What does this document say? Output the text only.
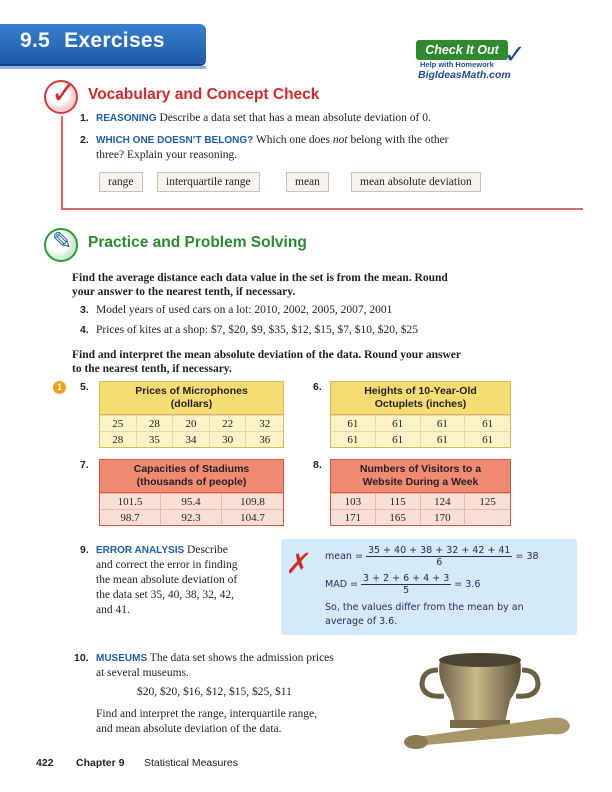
9.5 Exercises	Check It Out ✓
Help with Homework
BigIdeasMath.com
✓ Vocabulary and Concept Check
1. REASONING Describe a data set that has a mean absolute deviation of 0.
2. WHICH ONE DOESN’T BELONG? Which one does not belong with the other
three? Explain your reasoning.
range	interquartile range	mean	mean absolute deviation
✎ Practice and Problem Solving
Find the average distance each data value in the set is from the mean. Round
your answer to the nearest tenth, if necessary.
3. Model years of used cars on a lot: 2010, 2002, 2005, 2007, 2001
4. Prices of kites at a shop: $7, $20, $9, $35, $12, $15, $7, $10, $20, $25
Find and interpret the mean absolute deviation of the data. Round your answer
to the nearest tenth, if necessary.
1	5.	Prices of Microphones
(dollars)
25	28	20	22	32
28	35	34	30	36
6.	Heights of 10-Year-Old
Octuplets (inches)
61	61	61	61
61	61	61	61
7.	Capacities of Stadiums
(thousands of people)
101.5	95.4	109.8
98.7	92.3	104.7
8.	Numbers of Visitors to a
Website During a Week
103	115	124	125
171	165	170
9. ERROR ANALYSIS Describe
and correct the error in finding
the mean absolute deviation of
the data set 35, 40, 38, 32, 42,
and 41.
✗ mean = $\frac{35 + 40 + 38 + 32 + 42 + 41}{6} = 38$
MAD = $\frac{3 + 2 + 6 + 4 + 3}{5} = 3.6$
So, the values differ from the mean by an
average of 3.6.
10. MUSEUMS The data set shows the admission prices
at several museums.
$20, $20, $16, $12, $15, $25, $11
Find and interpret the range, interquartile range,
and mean absolute deviation of the data.
422 Chapter 9 Statistical Measures
